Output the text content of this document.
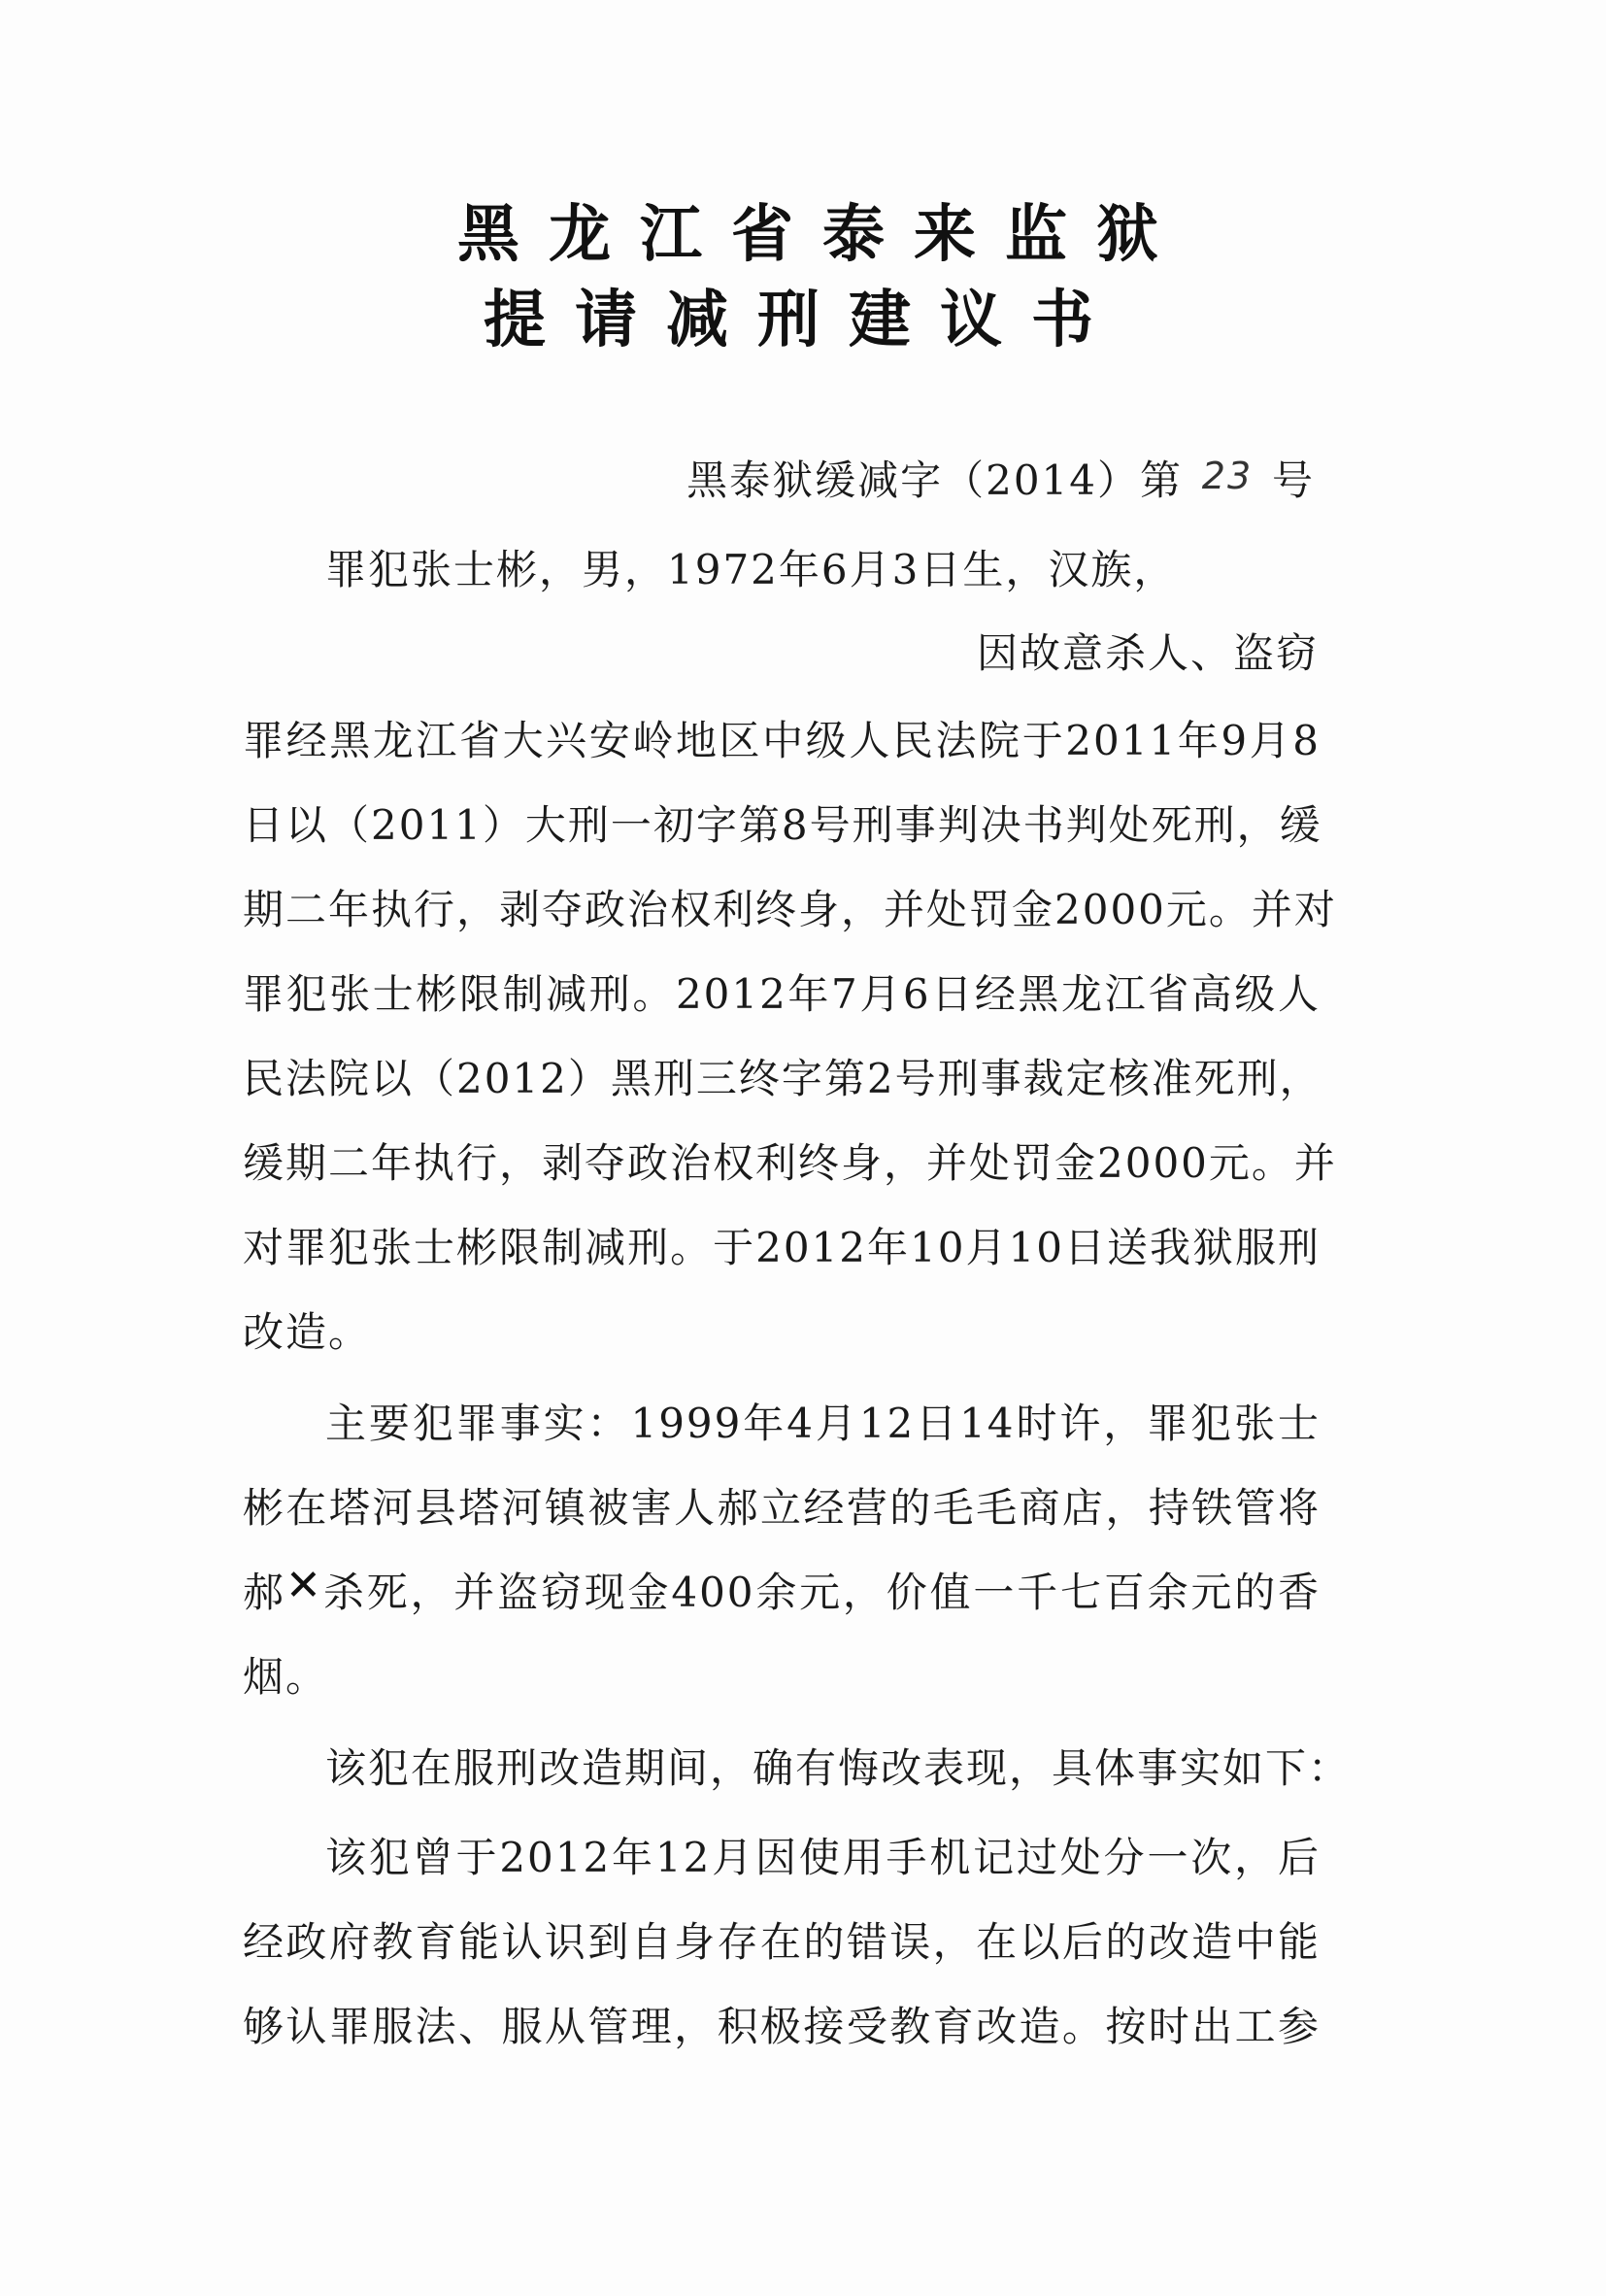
黑龙江省泰来监狱
提请减刑建议书
黑泰狱缓减字（2014）第 23 号
罪犯张士彬，男，1972年6月3日生，汉族，
因故意杀人、盗窃
罪经黑龙江省大兴安岭地区中级人民法院于2011年9月8
日以（2011）大刑一初字第8号刑事判决书判处死刑，缓
期二年执行，剥夺政治权利终身，并处罚金2000元。并对
罪犯张士彬限制减刑。2012年7月6日经黑龙江省高级人
民法院以（2012）黑刑三终字第2号刑事裁定核准死刑，
缓期二年执行，剥夺政治权利终身，并处罚金2000元。并
对罪犯张士彬限制减刑。于2012年10月10日送我狱服刑
改造。
主要犯罪事实：1999年4月12日14时许，罪犯张士
彬在塔河县塔河镇被害人郝立经营的毛毛商店，持铁管将
郝 ✕ 杀死，并盗窃现金400余元，价值一千七百余元的香
烟。
该犯在服刑改造期间，确有悔改表现，具体事实如下：
该犯曾于2012年12月因使用手机记过处分一次，后
经政府教育能认识到自身存在的错误，在以后的改造中能
够认罪服法、服从管理，积极接受教育改造。按时出工参
